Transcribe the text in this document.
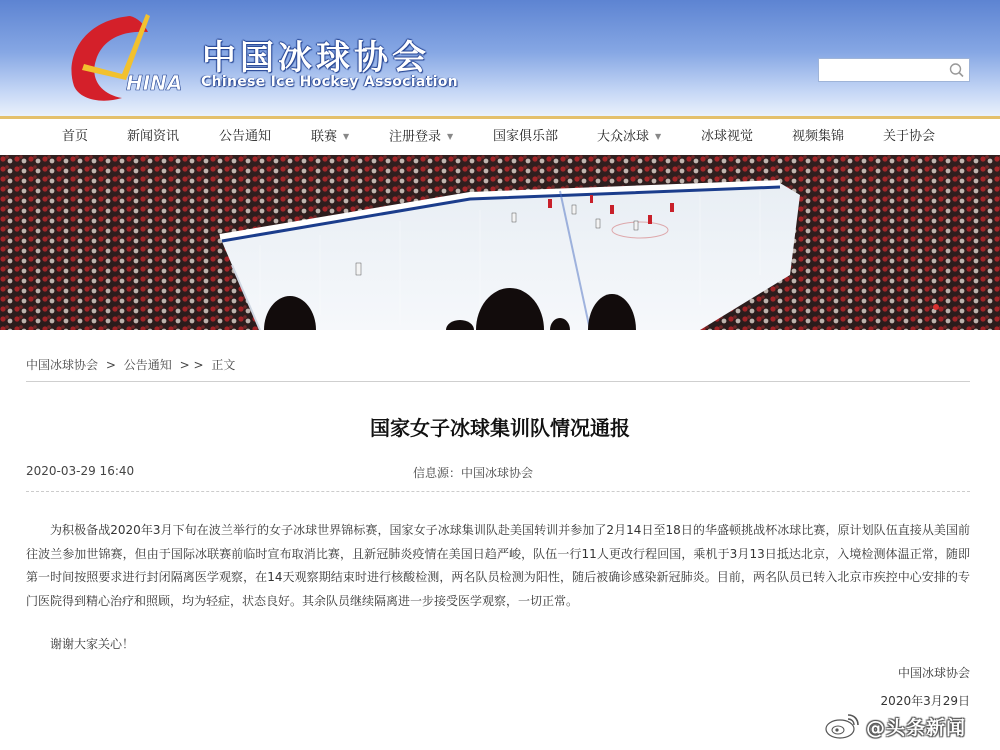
HINA
中国冰球协会
Chinese Ice Hockey Association
首页	新闻资讯	公告通知	联赛 ▼	注册登录 ▼	国家俱乐部	大众冰球 ▼	冰球视觉	视频集锦	关于协会
中国冰球协会 > 公告通知 > > 正文
国家女子冰球集训队情况通报
2020-03-29 16:40	信息源：中国冰球协会

为积极备战2020年3月下旬在波兰举行的女子冰球世界锦标赛，国家女子冰球集训队赴美国转训并参加了2月14日至18日的华盛顿挑战杯冰球比赛，原计划队伍直接从美国前往波兰参加世锦赛，但由于国际冰联赛前临时宣布取消比赛，且新冠肺炎疫情在美国日趋严峻，队伍一行11人更改行程回国，乘机于3月13日抵达北京，入境检测体温正常，随即第一时间按照要求进行封闭隔离医学观察，在14天观察期结束时进行核酸检测，两名队员检测为阳性，随后被确诊感染新冠肺炎。目前，两名队员已转入北京市疾控中心安排的专门医院得到精心治疗和照顾，均为轻症，状态良好。其余队员继续隔离进一步接受医学观察，一切正常。

谢谢大家关心！
中国冰球协会
2020年3月29日
@头条新闻
